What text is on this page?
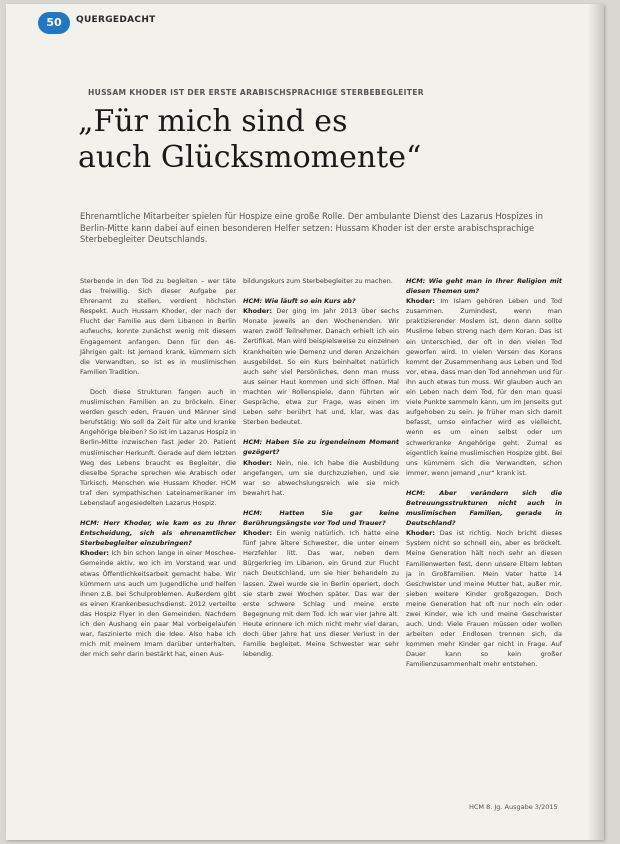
50	QUERGEDACHT
HUSSAM KHODER IST DER ERSTE ARABISCHSPRACHIGE STERBEBEGLEITER
„Für mich sind es
auch Glücksmomente“

Ehrenamtliche Mitarbeiter spielen für Hospize eine große Rolle. Der ambulante Dienst des Lazarus Hospizes in Berlin-Mitte kann dabei auf einen besonderen Helfer setzen: Hussam Khoder ist der erste arabischsprachige Sterbebegleiter Deutschlands.

Sterbende in den Tod zu begleiten – wer täte das freiwillig. Sich dieser Aufgabe per Ehrenamt zu stellen, verdient höchsten Respekt. Auch Hussam Khoder, der nach der Flucht der Familie aus dem Libanon in Berlin aufwuchs, konnte zunächst wenig mit diesem Engagement anfangen. Denn für den 46-Jährigen galt: Ist jemand krank, kümmern sich die Verwandten, so ist es in muslimischen Familien Tradition.

Doch diese Strukturen fangen auch in muslimischen Familien an zu bröckeln. Einer werden gesch eden, Frauen und Männer sind berufstätig: Wo soll da Zeit für alte und kranke Angehörige bleiben? So ist im Lazarus Hospiz in Berlin-Mitte inzwischen fast jeder 20. Patient muslimischer Herkunft. Gerade auf dem letzten Weg des Lebens braucht es Begleiter, die dieselbe Sprache sprechen wie Arabisch oder Türkisch. Menschen wie Hussam Khoder. HCM traf den sympathischen Lateinamerikaner im Lebenslauf angesiedelten Lazarus Hospiz.

HCM: Herr Khoder, wie kam es zu Ihrer Entscheidung, sich als ehrenamtlicher Sterbebegleiter einzubringen?
Khoder: Ich bin schon lange in einer Moschee-Gemeinde aktiv, wo ich im Vorstand war und etwas Öffentlichkeitsarbeit gemacht habe. Wir kümmern uns auch um Jugendliche und helfen ihnen z.B. bei Schulproblemen. Außerdem gibt es einen Krankenbesuchsdienst. 2012 verteilte das Hospiz Flyer in den Gemeinden. Nachdem ich den Aushang ein paar Mal vorbeigelaufen war, faszinierte mich die Idee. Also habe ich mich mit meinem Imam darüber unterhalten, der mich sehr darin bestärkt hat, einen Aus-

bildungskurs zum Sterbebegleiter zu machen.

HCM: Wie läuft so ein Kurs ab?
Khoder: Der ging im Jahr 2013 über sechs Monate jeweils an den Wochenenden. Wir waren zwölf Teilnehmer. Danach erhielt ich ein Zertifikat. Man wird beispielsweise zu einzelnen Krankheiten wie Demenz und deren Anzeichen ausgebildet. So ein Kurs beinhaltet natürlich auch sehr viel Persönliches, denn man muss aus seiner Haut kommen und sich öffnen. Mal machten wir Rollenspiele, dann führten wir Gespräche, etwa zur Frage, was einen im Leben sehr berührt hat und, klar, was das Sterben bedeutet.

HCM: Haben Sie zu irgendeinem Moment gezögert?
Khoder: Nein, nie. Ich habe die Ausbildung angefangen, um sie durchzuziehen, und sie war so abwechslungsreich wie sie mich bewahrt hat.

HCM: Hatten Sie gar keine Berührungsängste vor Tod und Trauer?
Khoder: Ein wenig natürlich. Ich hatte eine fünf Jahre ältere Schwester, die unter einem Herzfehler litt. Das war, neben dem Bürgerkrieg im Libanon, ein Grund zur Flucht nach Deutschland, um sie hier behandeln zu lassen. Zwei wurde sie in Berlin operiert, doch sie starb zwei Wochen später. Das war der erste schwere Schlag und meine erste Begegnung mit dem Tod. Ich war vier Jahre alt. Heute erinnere ich mich nicht mehr viel daran, doch über Jahre hat uns dieser Verlust in der Familie begleitet. Meine Schwester war sehr lebendig.

HCM: Wie geht man in Ihrer Religion mit diesen Themen um?
Khoder: Im Islam gehören Leben und Tod zusammen. Zumindest, wenn man praktizierender Moslem ist, denn dann sollte Muslime leben streng nach dem Koran. Das ist ein Unterschied, der oft in den vielen Tod geworfen wird. In vielen Versen des Korans kommt der Zusammenhang aus Leben und Tod vor, etwa, dass man den Tod annehmen und für ihn auch etwas tun muss. Wir glauben auch an ein Leben nach dem Tod, für den man quasi viele Punkte sammeln kann, um im Jenseits gut aufgehoben zu sein. Je früher man sich damit befasst, umso einfacher wird es vielleicht, wenn es um einen selbst oder um schwerkranke Angehörige geht. Zumal es eigentlich keine muslimischen Hospize gibt. Bei uns kümmern sich die Verwandten, schon immer, wenn jemand „nur“ krank ist.

HCM: Aber verändern sich die Betreuungsstrukturen nicht auch in muslimischen Familien, gerade in Deutschland?
Khoder: Das ist richtig. Noch bricht dieses System nicht so schnell ein, aber es bröckelt. Meine Generation hält noch sehr an diesen Familienwerten fest, denn unsere Eltern lebten ja in Großfamilien. Mein Vater hatte 14 Geschwister und meine Mutter hat, außer mir, sieben weitere Kinder großgezogen. Doch meine Generation hat oft nur noch ein oder zwei Kinder, wie ich und meine Geschwister auch. Und: Viele Frauen müssen oder wollen arbeiten oder Endlosen trennen sich, da kommen mehr Kinder gar nicht in Frage. Auf Dauer kann so kein großer Familienzusammenhalt mehr entstehen.

HCM 8. Jg. Ausgabe 3/2015
